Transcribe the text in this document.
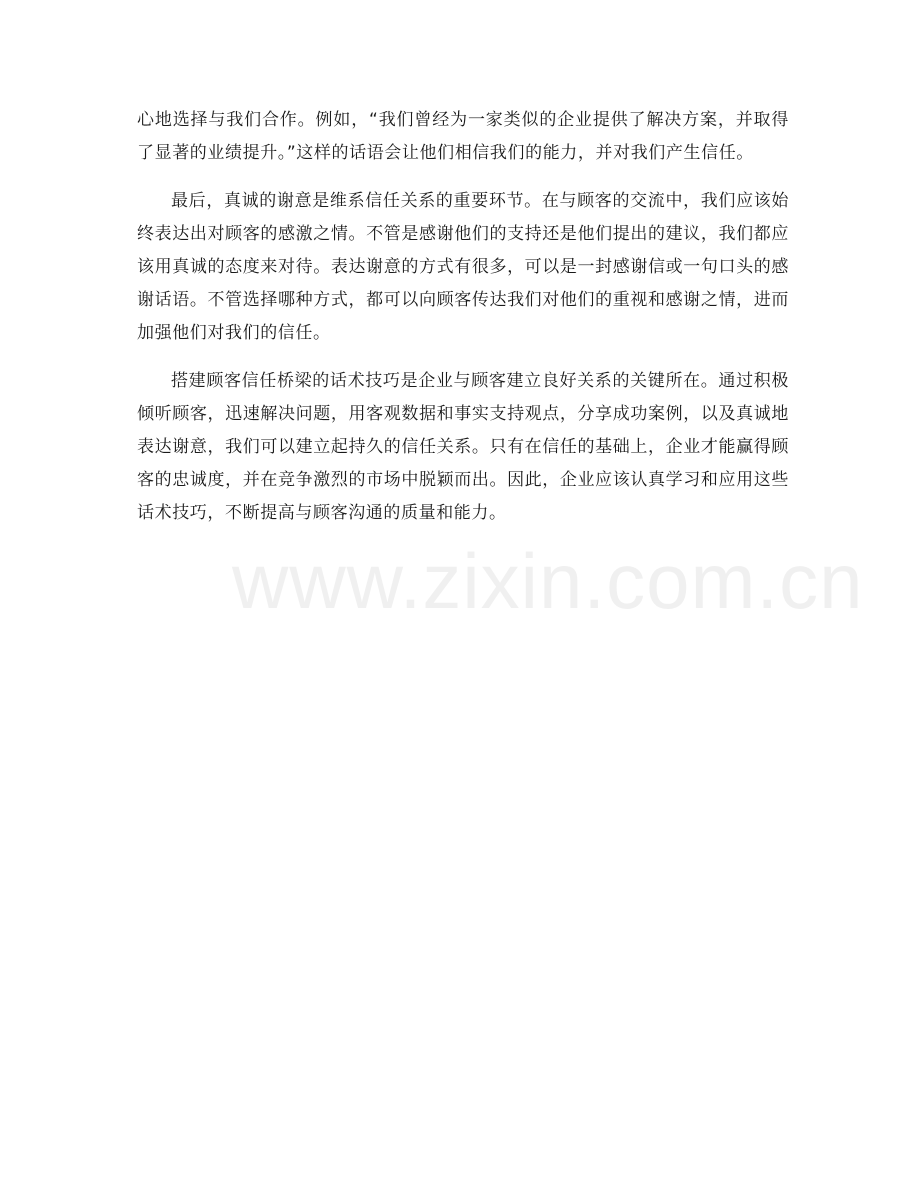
心地选择与我们合作。例如，“我们曾经为一家类似的企业提供了解决方案，并取得了显著的业绩提升。”这样的话语会让他们相信我们的能力，并对我们产生信任。

最后，真诚的谢意是维系信任关系的重要环节。在与顾客的交流中，我们应该始终表达出对顾客的感激之情。不管是感谢他们的支持还是他们提出的建议，我们都应该用真诚的态度来对待。表达谢意的方式有很多，可以是一封感谢信或一句口头的感谢话语。不管选择哪种方式，都可以向顾客传达我们对他们的重视和感谢之情，进而加强他们对我们的信任。

搭建顾客信任桥梁的话术技巧是企业与顾客建立良好关系的关键所在。通过积极倾听顾客，迅速解决问题，用客观数据和事实支持观点，分享成功案例，以及真诚地表达谢意，我们可以建立起持久的信任关系。只有在信任的基础上，企业才能赢得顾客的忠诚度，并在竞争激烈的市场中脱颖而出。因此，企业应该认真学习和应用这些话术技巧，不断提高与顾客沟通的质量和能力。

www.zixin.com.cn
